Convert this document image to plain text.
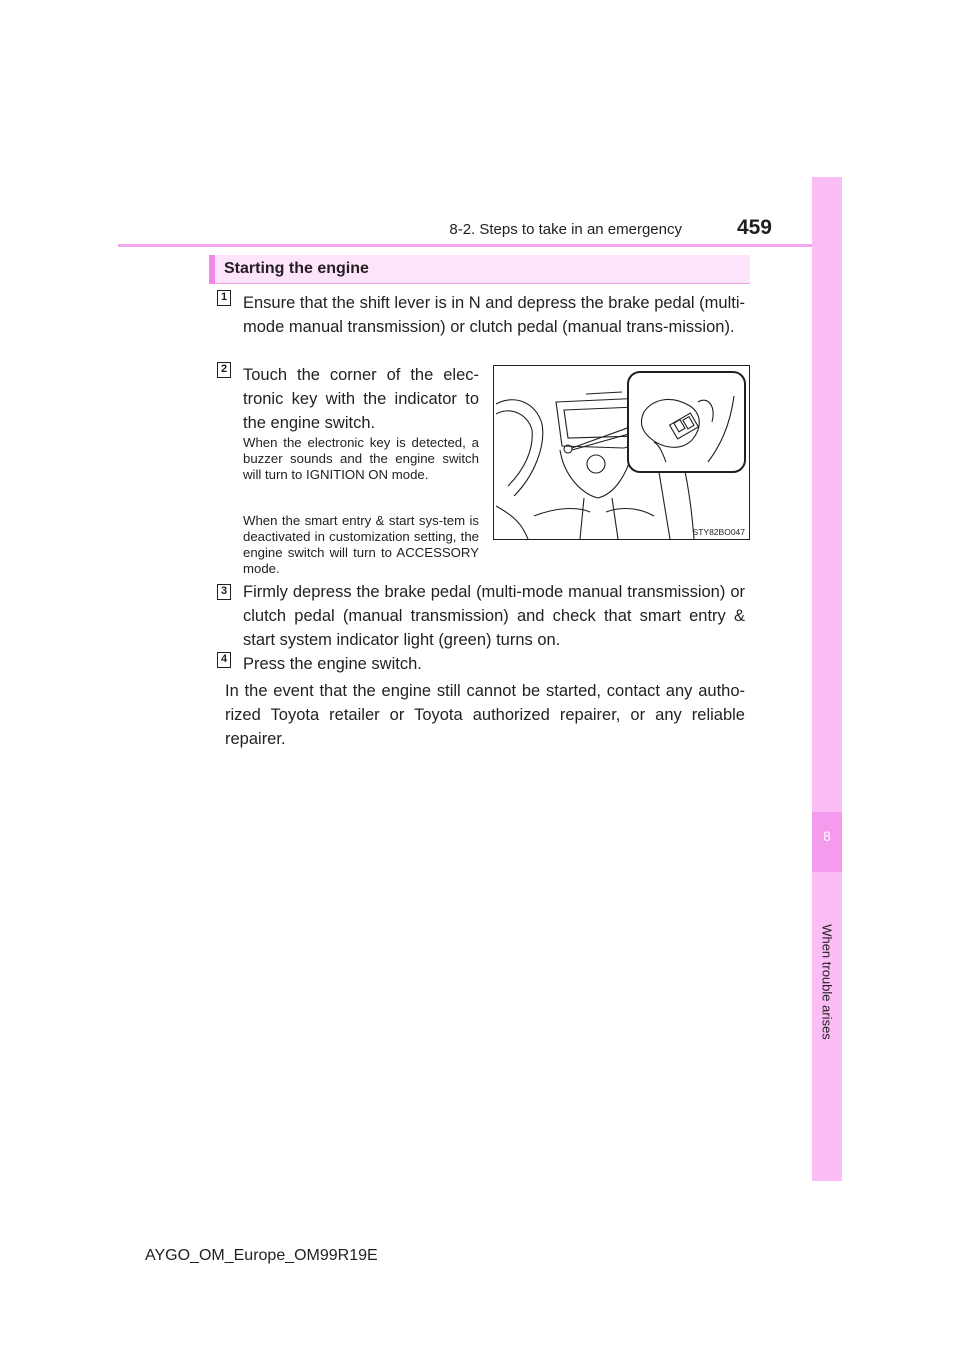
8-2. Steps to take in an emergency	459
8
When trouble arises
Starting the engine
1 Ensure that the shift lever is in N and depress the brake pedal (multi-mode manual transmission) or clutch pedal (manual trans-mission).
2 Touch the corner of the elec-tronic key with the indicator to the engine switch.
When the electronic key is detected, a buzzer sounds and the engine switch will turn to IGNITION ON mode.
When the smart entry & start sys-tem is deactivated in customization setting, the engine switch will turn to ACCESSORY mode.
STY82BO047
3 Firmly depress the brake pedal (multi-mode manual transmission) or clutch pedal (manual transmission) and check that smart entry & start system indicator light (green) turns on.
4 Press the engine switch.
In the event that the engine still cannot be started, contact any autho-rized Toyota retailer or Toyota authorized repairer, or any reliable repairer.
AYGO_OM_Europe_OM99R19E
